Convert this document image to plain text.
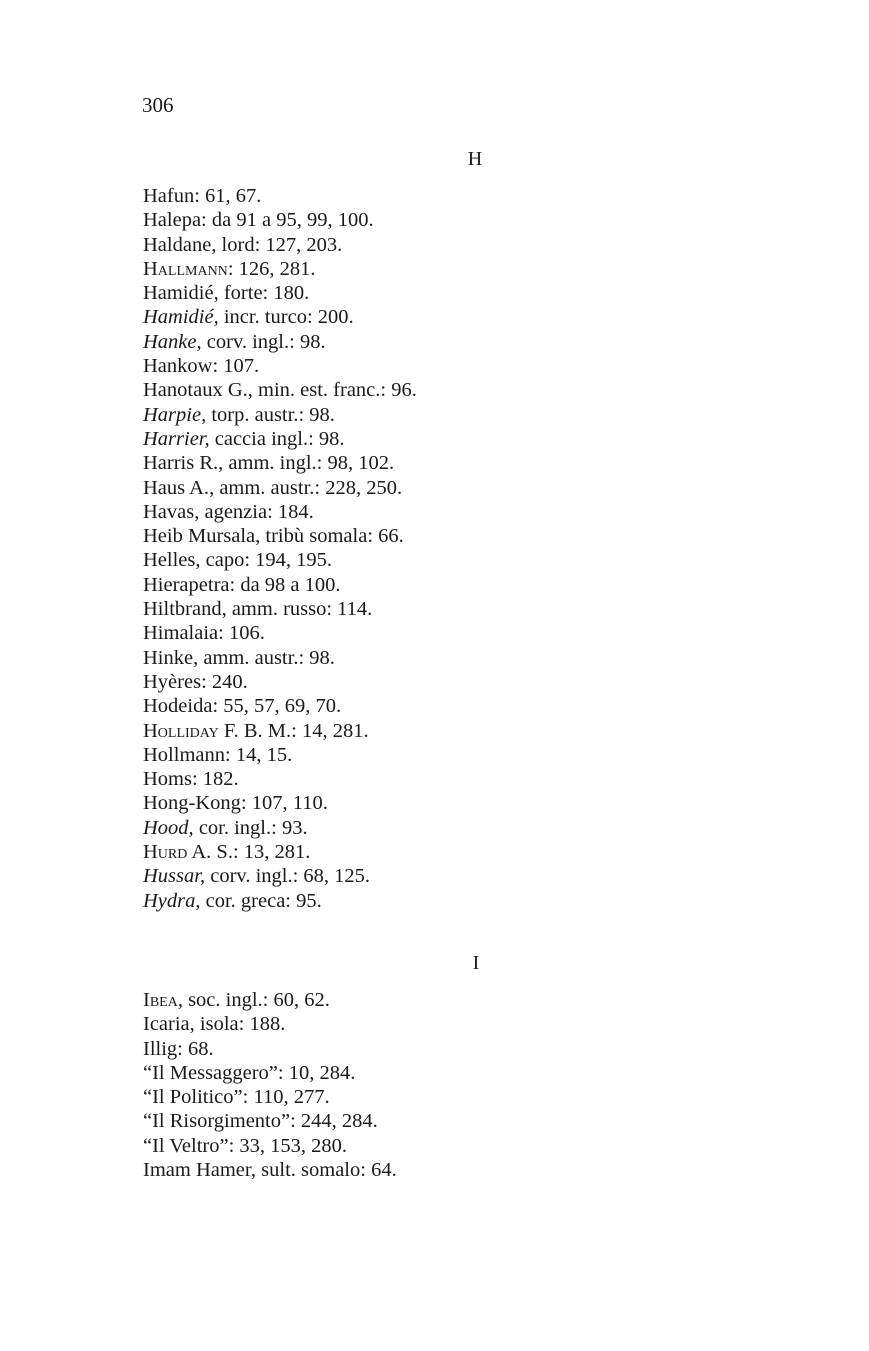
306
H
Hafun: 61, 67.
Halepa: da 91 a 95, 99, 100.
Haldane, lord: 127, 203.
Hallmann: 126, 281.
Hamidié, forte: 180.
Hamidié, incr. turco: 200.
Hanke, corv. ingl.: 98.
Hankow: 107.
Hanotaux G., min. est. franc.: 96.
Harpie, torp. austr.: 98.
Harrier, caccia ingl.: 98.
Harris R., amm. ingl.: 98, 102.
Haus A., amm. austr.: 228, 250.
Havas, agenzia: 184.
Heib Mursala, tribù somala: 66.
Helles, capo: 194, 195.
Hierapetra: da 98 a 100.
Hiltbrand, amm. russo: 114.
Himalaia: 106.
Hinke, amm. austr.: 98.
Hyères: 240.
Hodeida: 55, 57, 69, 70.
Holliday F. B. M.: 14, 281.
Hollmann: 14, 15.
Homs: 182.
Hong-Kong: 107, 110.
Hood, cor. ingl.: 93.
Hurd A. S.: 13, 281.
Hussar, corv. ingl.: 68, 125.
Hydra, cor. greca: 95.
I
Ibea, soc. ingl.: 60, 62.
Icaria, isola: 188.
Illig: 68.
“Il Messaggero”: 10, 284.
“Il Politico”: 110, 277.
“Il Risorgimento”: 244, 284.
“Il Veltro”: 33, 153, 280.
Imam Hamer, sult. somalo: 64.
